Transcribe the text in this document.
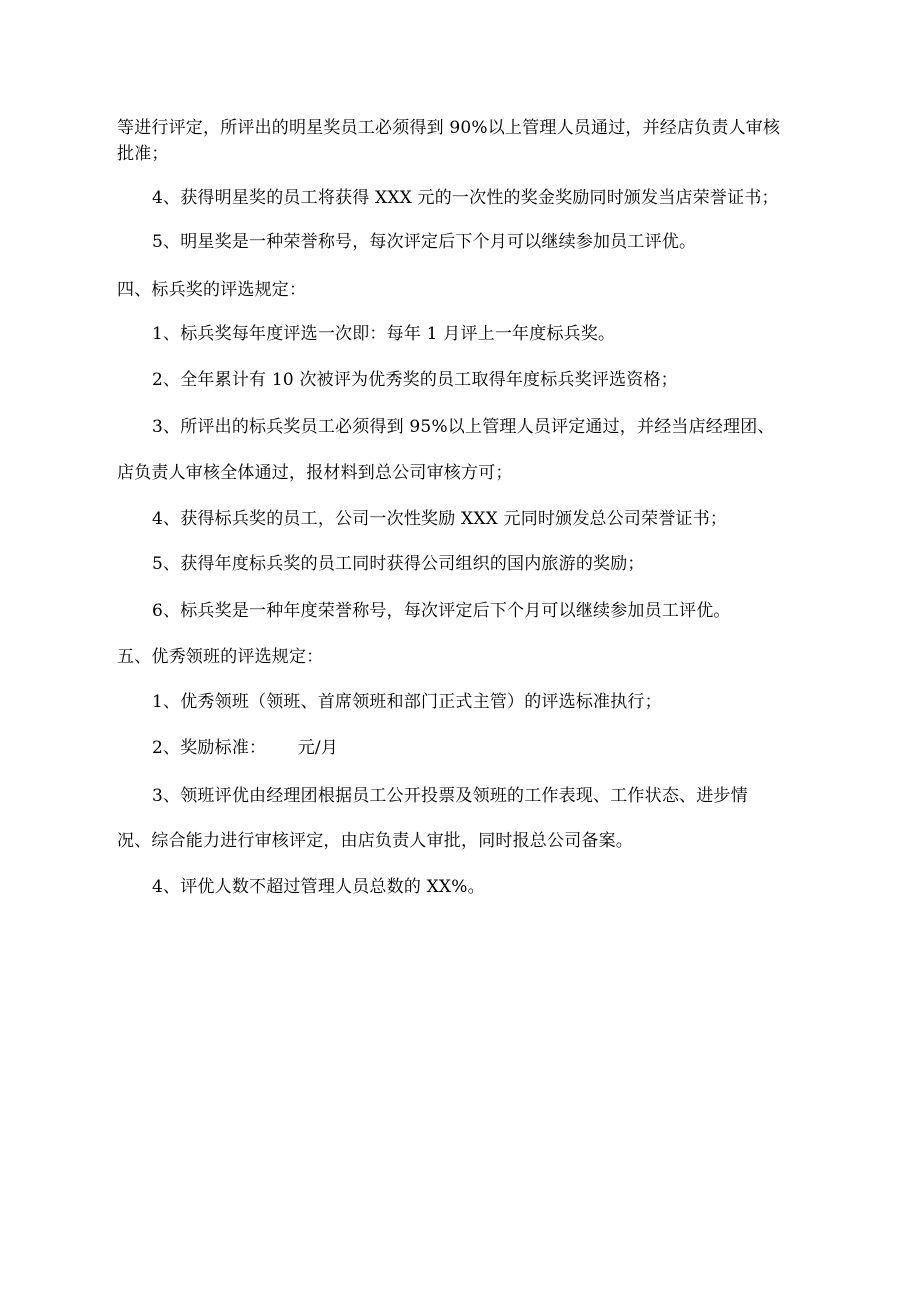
等进行评定，所评出的明星奖员工必须得到 90%以上管理人员通过，并经店负责人审核
批准；
4、获得明星奖的员工将获得 XXX 元的一次性的奖金奖励同时颁发当店荣誉证书；
5、明星奖是一种荣誉称号，每次评定后下个月可以继续参加员工评优。
四、标兵奖的评选规定：
1、标兵奖每年度评选一次即：每年 1 月评上一年度标兵奖。
2、全年累计有 10 次被评为优秀奖的员工取得年度标兵奖评选资格；
3、所评出的标兵奖员工必须得到 95%以上管理人员评定通过，并经当店经理团、
店负责人审核全体通过，报材料到总公司审核方可；
4、获得标兵奖的员工，公司一次性奖励 XXX 元同时颁发总公司荣誉证书；
5、获得年度标兵奖的员工同时获得公司组织的国内旅游的奖励；
6、标兵奖是一种年度荣誉称号，每次评定后下个月可以继续参加员工评优。
五、优秀领班的评选规定：
1、优秀领班（领班、首席领班和部门正式主管）的评选标准执行；
2、奖励标准：　　 元/月
3、领班评优由经理团根据员工公开投票及领班的工作表现、工作状态、进步情
况、综合能力进行审核评定，由店负责人审批，同时报总公司备案。
4、评优人数不超过管理人员总数的 XX%。
